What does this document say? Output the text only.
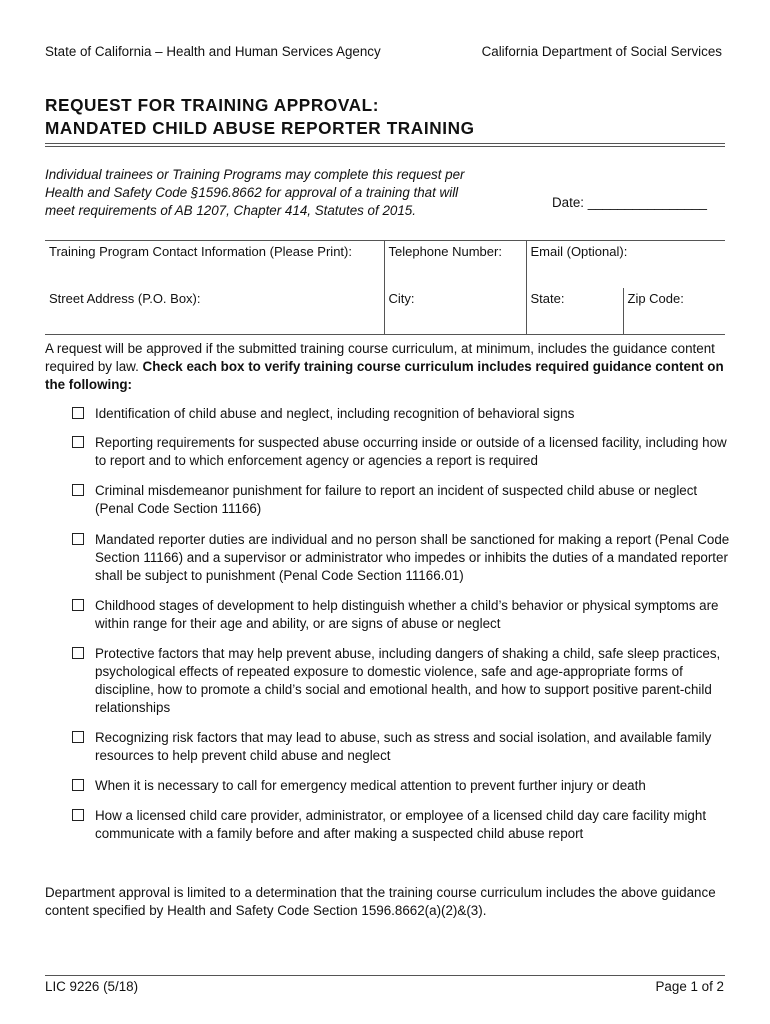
State of California – Health and Human Services Agency	California Department of Social Services
REQUEST FOR TRAINING APPROVAL:
MANDATED CHILD ABUSE REPORTER TRAINING
Individual trainees or Training Programs may complete this request per Health and Safety Code §1596.8662 for approval of a training that will meet requirements of AB 1207, Chapter 414, Statutes of 2015.
Date: ________________
Training Program Contact Information (Please Print):	Telephone Number:	Email (Optional):	
Street Address (P.O. Box):	City:	State:	Zip Code:
A request will be approved if the submitted training course curriculum, at minimum, includes the guidance content required by law. Check each box to verify training course curriculum includes required guidance content on the following:
Identification of child abuse and neglect, including recognition of behavioral signs
Reporting requirements for suspected abuse occurring inside or outside of a licensed facility, including how to report and to which enforcement agency or agencies a report is required
Criminal misdemeanor punishment for failure to report an incident of suspected child abuse or neglect (Penal Code Section 11166)
Mandated reporter duties are individual and no person shall be sanctioned for making a report (Penal Code Section 11166) and a supervisor or administrator who impedes or inhibits the duties of a mandated reporter shall be subject to punishment (Penal Code Section 11166.01)
Childhood stages of development to help distinguish whether a child’s behavior or physical symptoms are within range for their age and ability, or are signs of abuse or neglect
Protective factors that may help prevent abuse, including dangers of shaking a child, safe sleep practices, psychological effects of repeated exposure to domestic violence, safe and age-appropriate forms of discipline, how to promote a child’s social and emotional health, and how to support positive parent-child relationships
Recognizing risk factors that may lead to abuse, such as stress and social isolation, and available family resources to help prevent child abuse and neglect
When it is necessary to call for emergency medical attention to prevent further injury or death
How a licensed child care provider, administrator, or employee of a licensed child day care facility might communicate with a family before and after making a suspected child abuse report
Department approval is limited to a determination that the training course curriculum includes the above guidance content specified by Health and Safety Code Section 1596.8662(a)(2)&(3).
LIC 9226 (5/18)	Page 1 of 2
